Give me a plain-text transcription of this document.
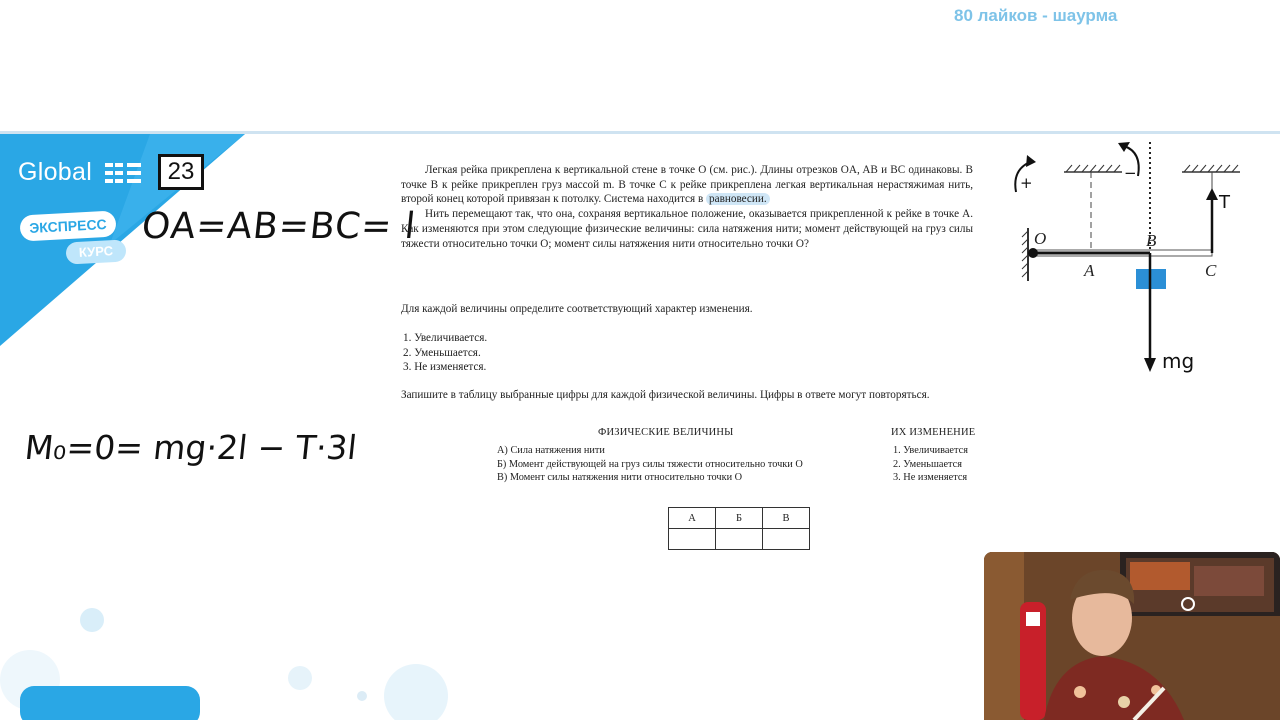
80 лайков - шаурма
Global	23
ЭКСПРЕСС
КУРС
OA=AB=BC= l
M₀=0= mg·2l − T·3l

Легкая рейка прикреплена к вертикальной стене в точке O (см. рис.). Длины отрезков OA, AB и BC одинаковы. В точке B к рейке прикреплен груз массой m. В точке C к рейке прикреплена легкая вертикальная нерастяжимая нить, второй конец которой привязан к потолку. Система находится в равновесии.

Нить перемещают так, что она, сохраняя вертикальное положение, оказывается прикрепленной к рейке в точке A. Как изменяются при этом следующие физические величины: сила натяжения нити; момент действующей на груз силы тяжести относительно точки O; момент силы натяжения нити относительно точки O?

Для каждой величины определите соответствующий характер изменения.
1. Увеличивается.
2. Уменьшается.
3. Не изменяется.
Запишите в таблицу выбранные цифры для каждой физической величины. Цифры в ответе могут повторяться.
ФИЗИЧЕСКИЕ ВЕЛИЧИНЫ	ИХ ИЗМЕНЕНИЕ
А) Сила натяжения нити
Б) Момент действующей на груз силы тяжести относительно точки O
В) Момент силы натяжения нити относительно точки O
1. Увеличивается
2. Уменьшается
3. Не изменяется
А	Б	В

+
−
O
A
B
C
T
mg
